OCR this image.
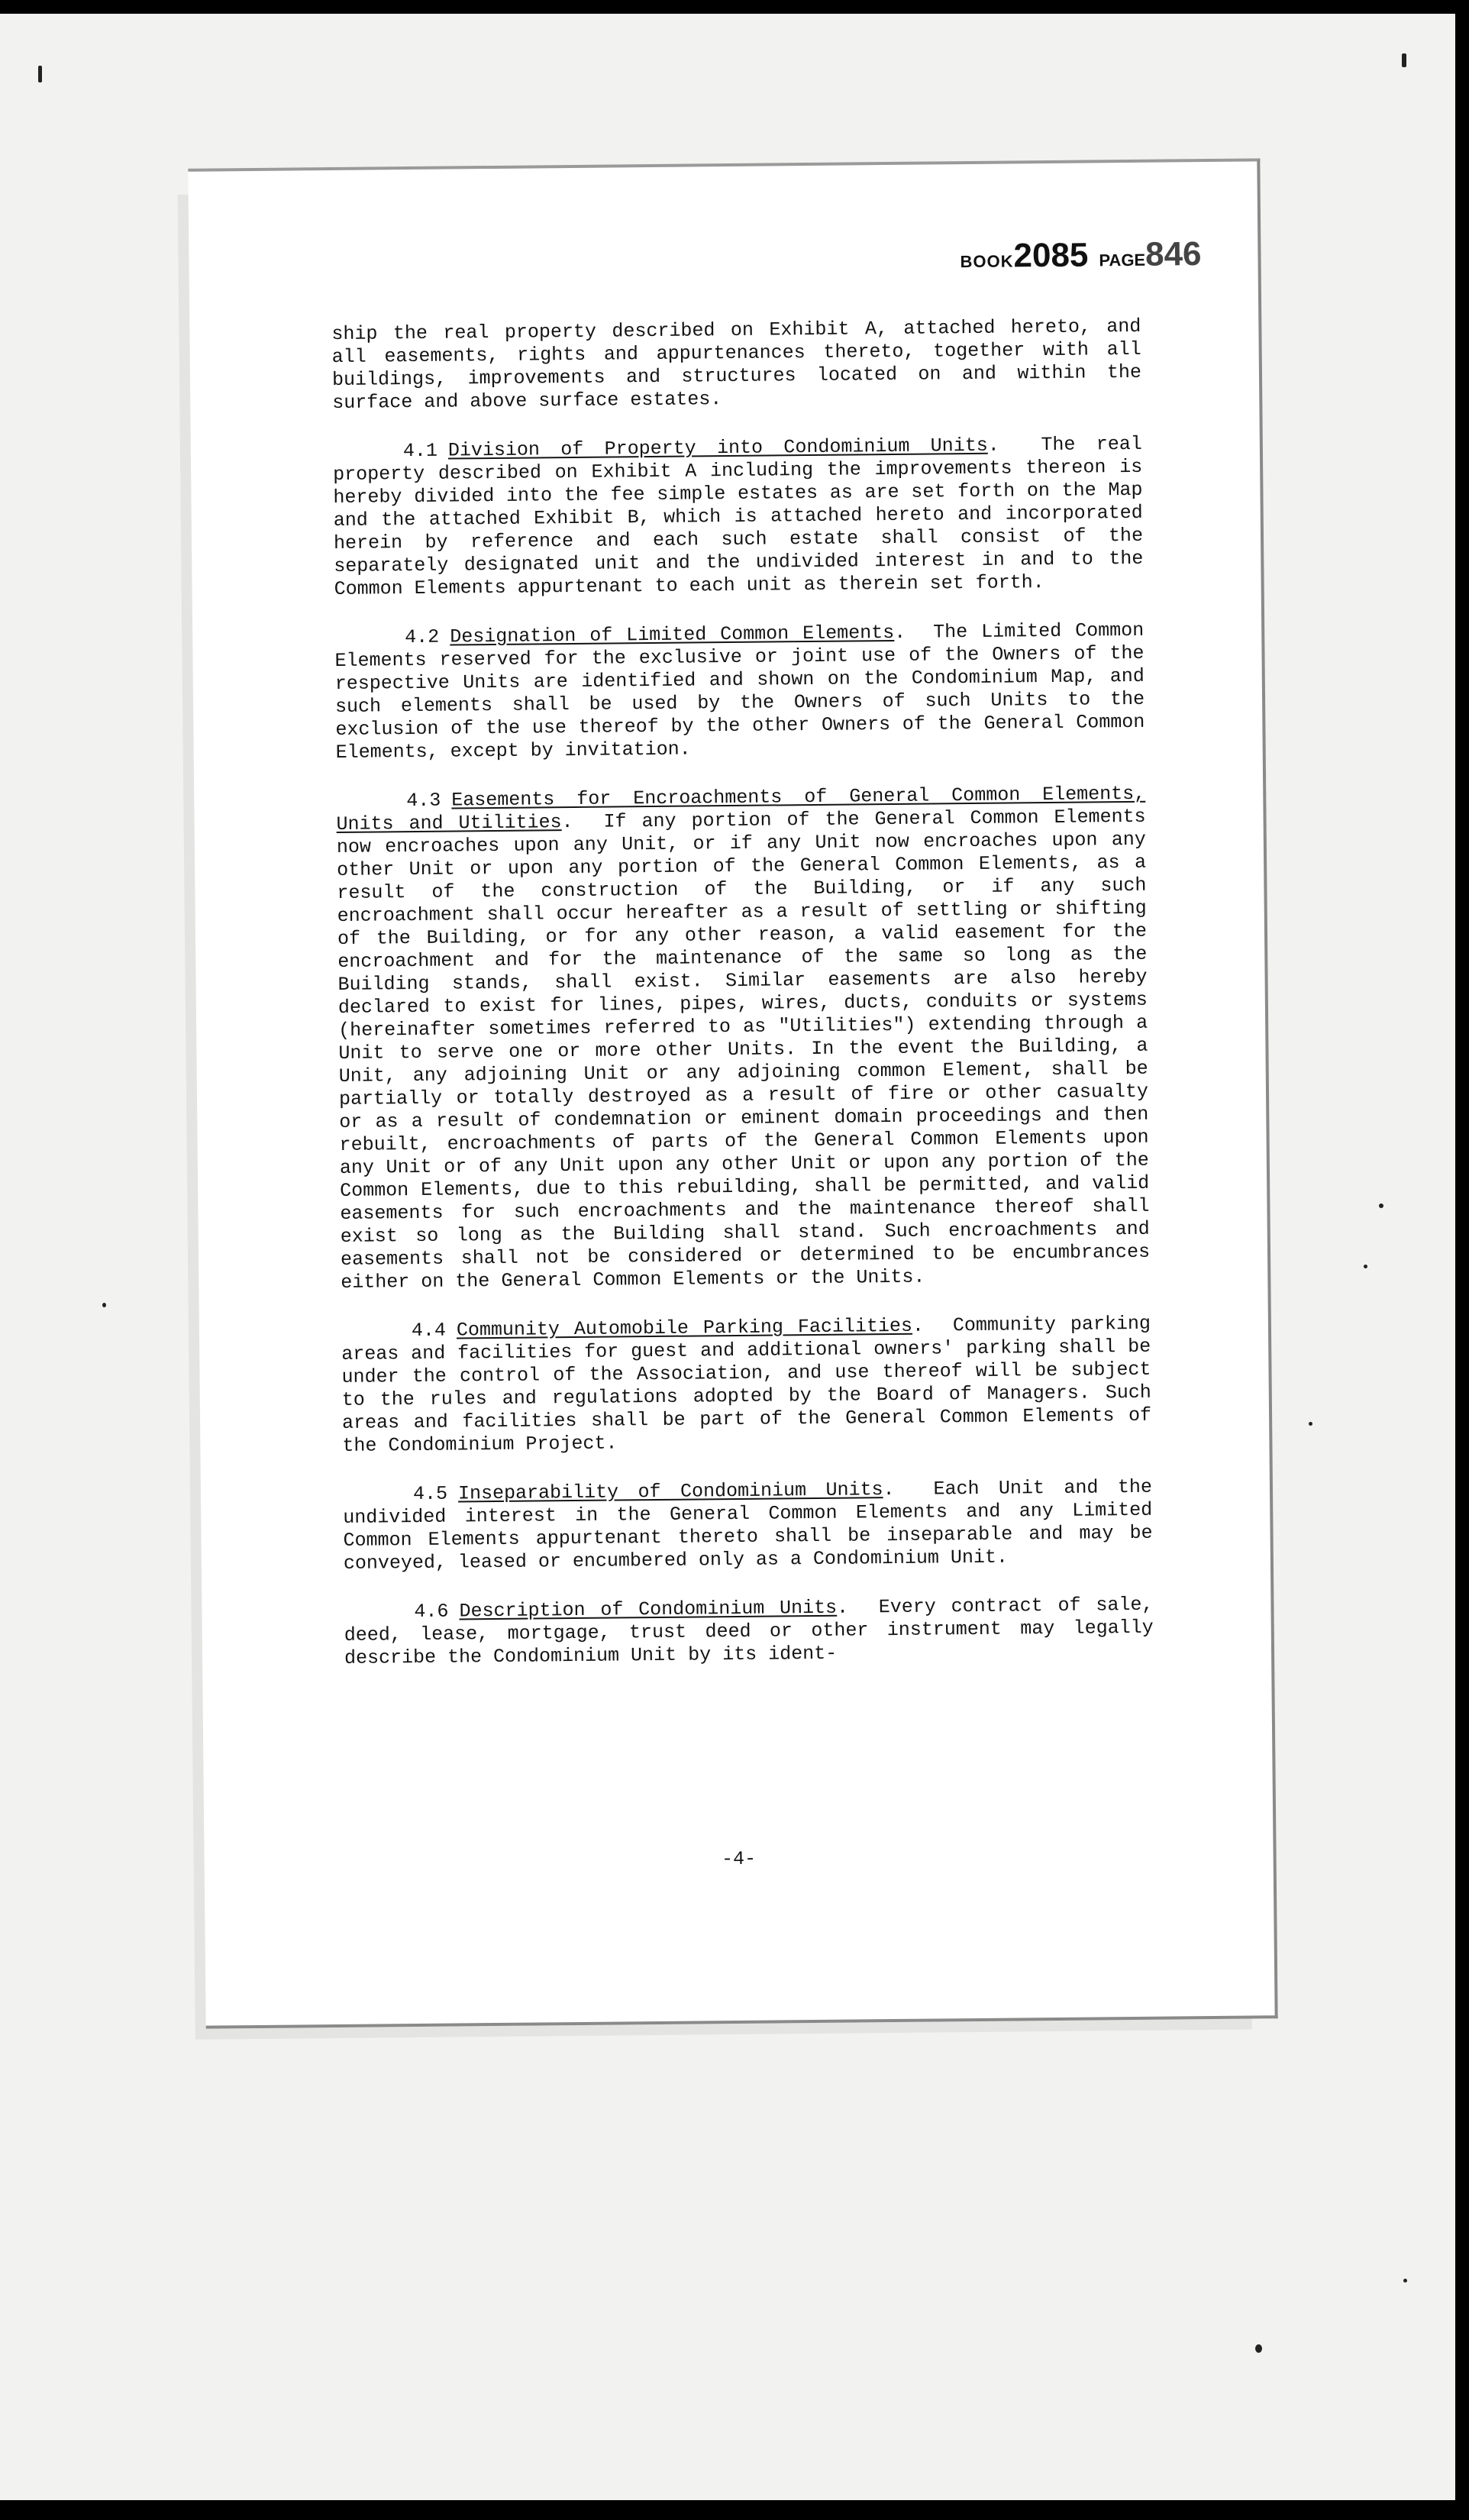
BOOK2085 PAGE846

ship the real property described on Exhibit A, attached hereto, and all easements, rights and appurtenances thereto, together with all buildings, improvements and structures located on and within the surface and above surface estates.

4.1 Division of Property into Condominium Units.  The real property described on Exhibit A including the improvements thereon is hereby divided into the fee simple estates as are set forth on the Map and the attached Exhibit B, which is attached hereto and incorporated herein by reference and each such estate shall consist of the separately designated unit and the undivided interest in and to the Common Elements appurtenant to each unit as therein set forth.

4.2 Designation of Limited Common Elements.  The Limited Common Elements reserved for the exclusive or joint use of the Owners of the respective Units are identified and shown on the Condominium Map, and such elements shall be used by the Owners of such Units to the exclusion of the use thereof by the other Owners of the General Common Elements, except by invitation.

4.3 Easements for Encroachments of General Common Elements, Units and Utilities.  If any portion of the General Common Elements now encroaches upon any Unit, or if any Unit now encroaches upon any other Unit or upon any portion of the General Common Elements, as a result of the construction of the Building, or if any such encroachment shall occur hereafter as a result of settling or shifting of the Building, or for any other reason, a valid easement for the encroachment and for the maintenance of the same so long as the Building stands, shall exist. Similar easements are also hereby declared to exist for lines, pipes, wires, ducts, conduits or systems (hereinafter sometimes referred to as "Utilities") extending through a Unit to serve one or more other Units. In the event the Building, a Unit, any adjoining Unit or any adjoining common Element, shall be partially or totally destroyed as a result of fire or other casualty or as a result of condemnation or eminent domain proceedings and then rebuilt, encroachments of parts of the General Common Elements upon any Unit or of any Unit upon any other Unit or upon any portion of the Common Elements, due to this rebuilding, shall be permitted, and valid easements for such encroachments and the maintenance thereof shall exist so long as the Building shall stand. Such encroachments and easements shall not be considered or determined to be encumbrances either on the General Common Elements or the Units.

4.4 Community Automobile Parking Facilities.  Community parking areas and facilities for guest and additional owners' parking shall be under the control of the Association, and use thereof will be subject to the rules and regulations adopted by the Board of Managers. Such areas and facilities shall be part of the General Common Elements of the Condominium Project.

4.5 Inseparability of Condominium Units.  Each Unit and the undivided interest in the General Common Elements and any Limited Common Elements appurtenant thereto shall be inseparable and may be conveyed, leased or encumbered only as a Condominium Unit.

4.6 Description of Condominium Units.  Every contract of sale, deed, lease, mortgage, trust deed or other instrument may legally describe the Condominium Unit by its ident-

-4-
